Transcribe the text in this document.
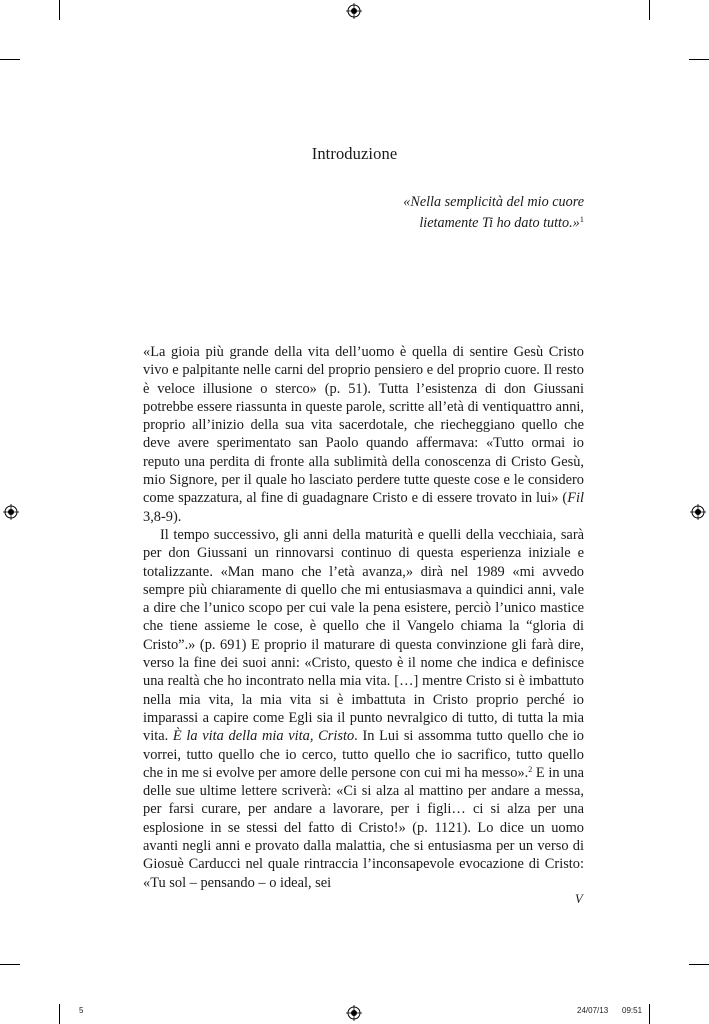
Introduzione
«Nella semplicità del mio cuore
lietamente Ti ho dato tutto.»$^1$

«La gioia più grande della vita dell’uomo è quella di sentire Gesù Cristo vivo e palpitante nelle carni del proprio pensiero e del proprio cuore. Il resto è veloce illusione o sterco» (p. 51). Tutta l’esistenza di don Giussani potrebbe essere riassunta in queste parole, scritte all’età di ventiquattro anni, proprio all’inizio della sua vita sacerdotale, che riecheggiano quello che deve avere sperimentato san Paolo quando affermava: «Tutto ormai io reputo una perdita di fronte alla sublimità della conoscenza di Cristo Gesù, mio Signore, per il quale ho lasciato perdere tutte queste cose e le considero come spazzatura, al fine di guadagnare Cristo e di essere trovato in lui» (Fil 3,8-9).

Il tempo successivo, gli anni della maturità e quelli della vecchiaia, sarà per don Giussani un rinnovarsi continuo di questa esperienza iniziale e totalizzante. «Man mano che l’età avanza,» dirà nel 1989 «mi avvedo sempre più chiaramente di quello che mi entusiasmava a quindici anni, vale a dire che l’unico scopo per cui vale la pena esistere, perciò l’unico mastice che tiene assieme le cose, è quello che il Vangelo chiama la “gloria di Cristo”.» (p. 691) E proprio il maturare di questa convinzione gli farà dire, verso la fine dei suoi anni: «Cristo, questo è il nome che indica e definisce una realtà che ho incontrato nella mia vita. […] mentre Cristo si è imbattuto nella mia vita, la mia vita si è imbattuta in Cristo proprio perché io imparassi a capire come Egli sia il punto nevralgico di tutto, di tutta la mia vita. È la vita della mia vita, Cristo. In Lui si assomma tutto quello che io vorrei, tutto quello che io cerco, tutto quello che io sacrifico, tutto quello che in me si evolve per amore delle persone con cui mi ha messo».$^2$ E in una delle sue ultime lettere scriverà: «Ci si alza al mattino per andare a messa, per farsi curare, per andare a lavorare, per i figli… ci si alza per una esplosione in se stessi del fatto di Cristo!» (p. 1121). Lo dice un uomo avanti negli anni e provato dalla malattia, che si entusiasma per un verso di Giosuè Carducci nel quale rintraccia l’inconsapevole evocazione di Cristo: «Tu sol – pensando – o ideal, sei

V
5	24/07/13 09:51
